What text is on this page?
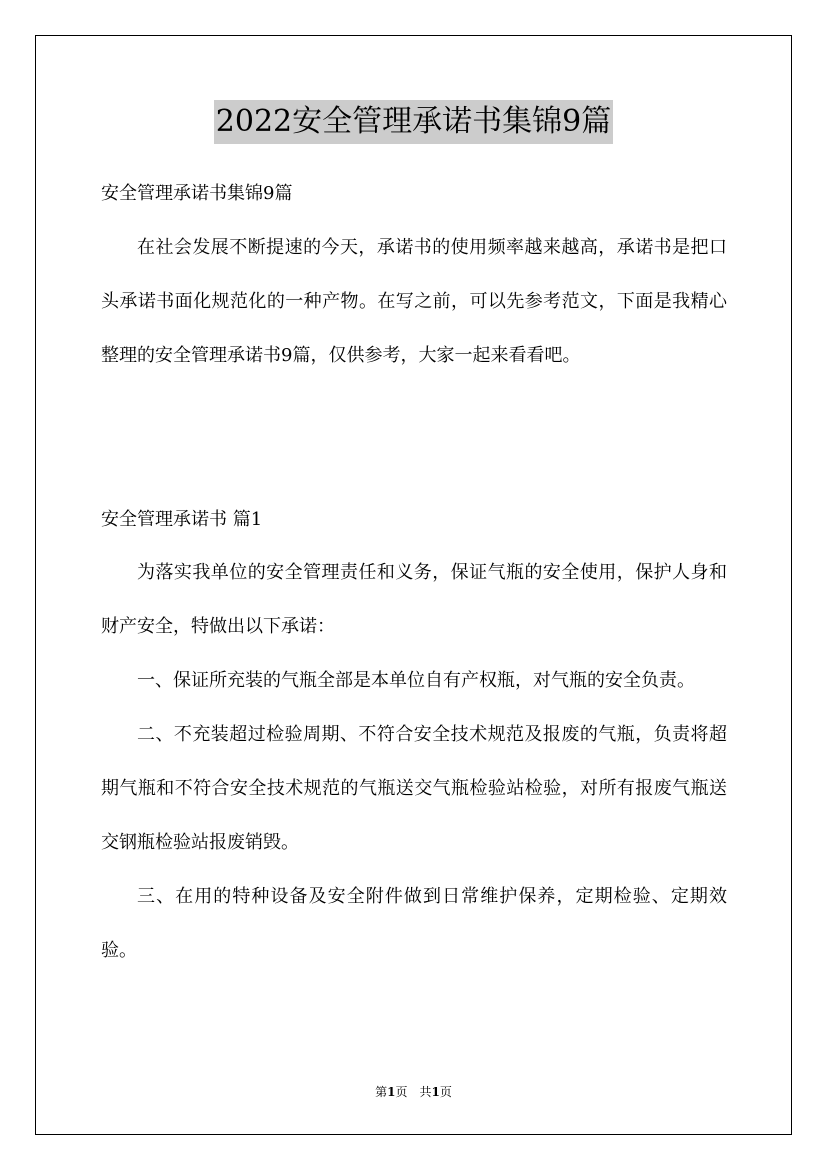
2022安全管理承诺书集锦9篇
安全管理承诺书集锦9篇

在社会发展不断提速的今天，承诺书的使用频率越来越高，承诺书是把口头承诺书面化规范化的一种产物。在写之前，可以先参考范文，下面是我精心整理的安全管理承诺书9篇，仅供参考，大家一起来看看吧。

安全管理承诺书 篇1

为落实我单位的安全管理责任和义务，保证气瓶的安全使用，保护人身和财产安全，特做出以下承诺：

一、保证所充装的气瓶全部是本单位自有产权瓶，对气瓶的安全负责。

二、不充装超过检验周期、不符合安全技术规范及报废的气瓶，负责将超期气瓶和不符合安全技术规范的气瓶送交气瓶检验站检验，对所有报废气瓶送交钢瓶检验站报废销毁。

三、在用的特种设备及安全附件做到日常维护保养，定期检验、定期效验。

第1页　共1页
